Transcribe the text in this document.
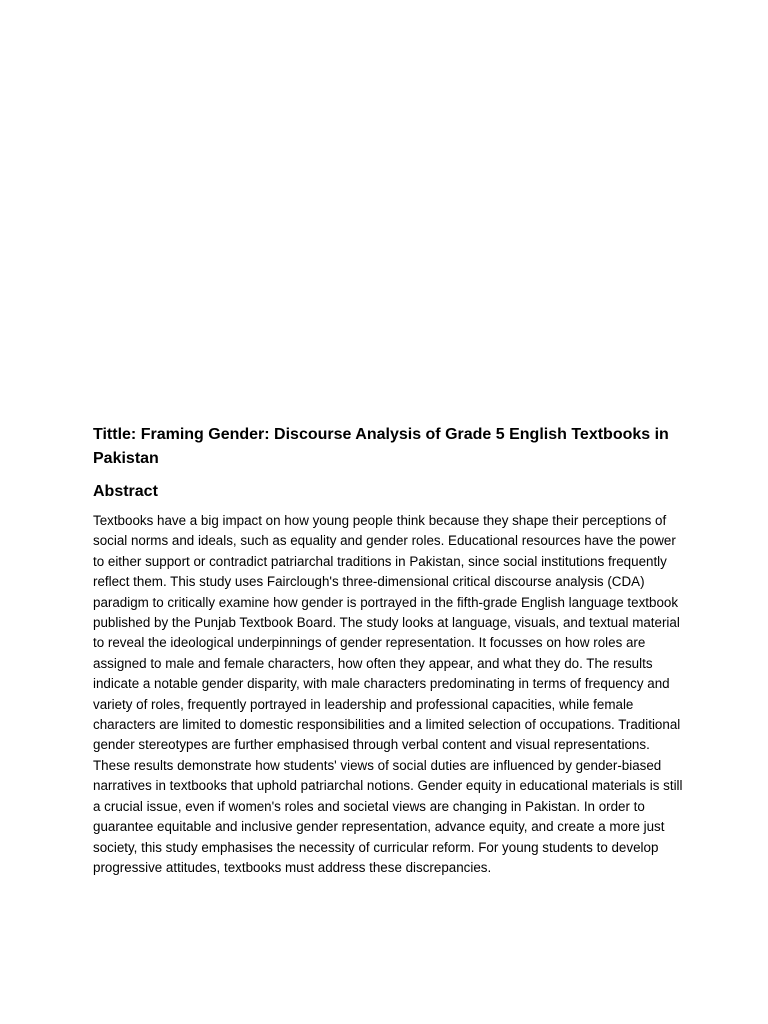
Tittle: Framing Gender: Discourse Analysis of Grade 5 English Textbooks in Pakistan
Abstract

Textbooks have a big impact on how young people think because they shape their perceptions of social norms and ideals, such as equality and gender roles. Educational resources have the power to either support or contradict patriarchal traditions in Pakistan, since social institutions frequently reflect them. This study uses Fairclough's three-dimensional critical discourse analysis (CDA) paradigm to critically examine how gender is portrayed in the fifth-grade English language textbook published by the Punjab Textbook Board. The study looks at language, visuals, and textual material to reveal the ideological underpinnings of gender representation. It focusses on how roles are assigned to male and female characters, how often they appear, and what they do. The results indicate a notable gender disparity, with male characters predominating in terms of frequency and variety of roles, frequently portrayed in leadership and professional capacities, while female characters are limited to domestic responsibilities and a limited selection of occupations. Traditional gender stereotypes are further emphasised through verbal content and visual representations. These results demonstrate how students' views of social duties are influenced by gender-biased narratives in textbooks that uphold patriarchal notions. Gender equity in educational materials is still a crucial issue, even if women's roles and societal views are changing in Pakistan. In order to guarantee equitable and inclusive gender representation, advance equity, and create a more just society, this study emphasises the necessity of curricular reform. For young students to develop progressive attitudes, textbooks must address these discrepancies.
